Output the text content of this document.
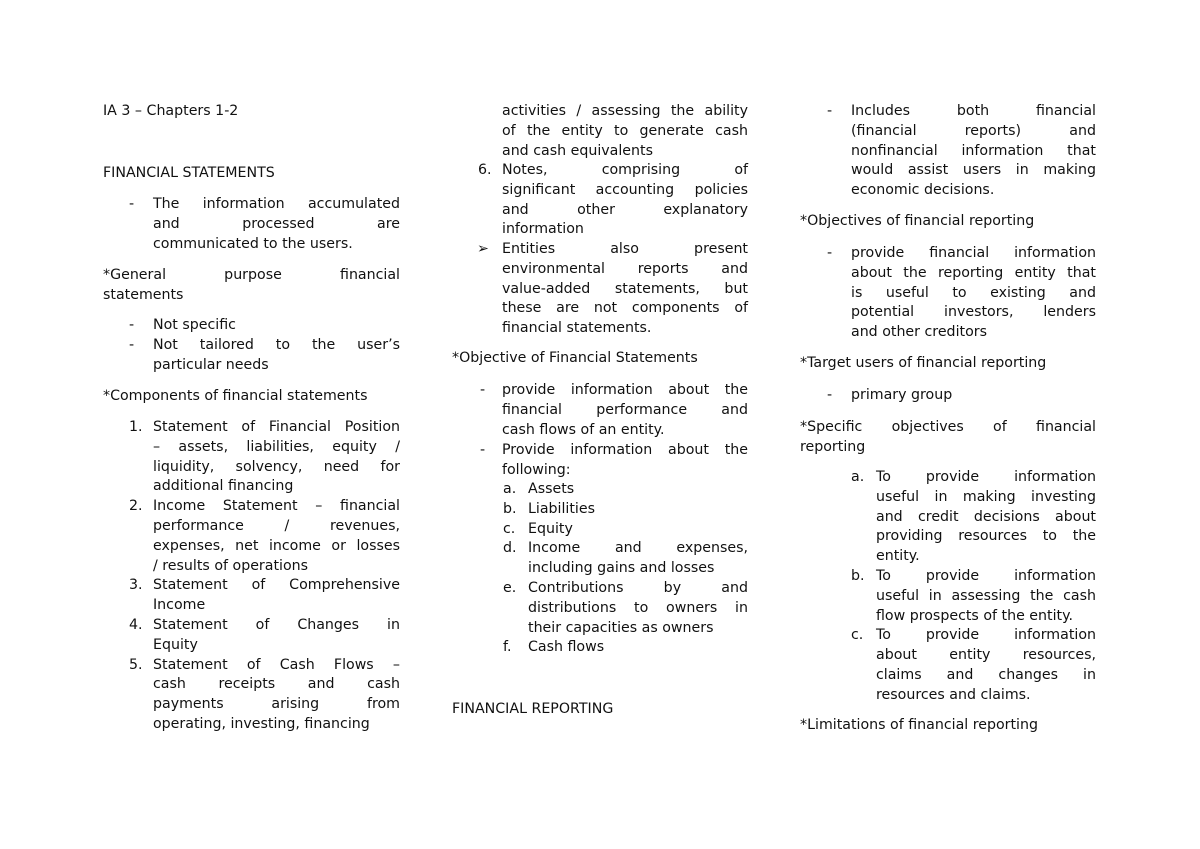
IA 3 – Chapters 1-2
FINANCIAL STATEMENTS
- The information accumulated
and processed are
communicated to the users.
*General purpose financial
statements
- Not specific
- Not tailored to the user’s
particular needs
*Components of financial statements
1. Statement of Financial Position
– assets, liabilities, equity /
liquidity, solvency, need for
additional financing
2. Income Statement – financial
performance / revenues,
expenses, net income or losses
/ results of operations
3. Statement of Comprehensive
Income
4. Statement of Changes in
Equity
5. Statement of Cash Flows –
cash receipts and cash
payments arising from
operating, investing, financing
activities / assessing the ability
of the entity to generate cash
and cash equivalents
6. Notes, comprising of
significant accounting policies
and other explanatory
information
➢ Entities also present
environmental reports and
value-added statements, but
these are not components of
financial statements.
*Objective of Financial Statements
- provide information about the
financial performance and
cash flows of an entity.
- Provide information about the
following:
a. Assets
b. Liabilities
c. Equity
d. Income and expenses,
including gains and losses
e. Contributions by and
distributions to owners in
their capacities as owners
f. Cash flows
FINANCIAL REPORTING
- Includes both financial
(financial reports) and
nonfinancial information that
would assist users in making
economic decisions.
*Objectives of financial reporting
- provide financial information
about the reporting entity that
is useful to existing and
potential investors, lenders
and other creditors
*Target users of financial reporting
- primary group
*Specific objectives of financial
reporting
a. To provide information
useful in making investing
and credit decisions about
providing resources to the
entity.
b. To provide information
useful in assessing the cash
flow prospects of the entity.
c. To provide information
about entity resources,
claims and changes in
resources and claims.
*Limitations of financial reporting
